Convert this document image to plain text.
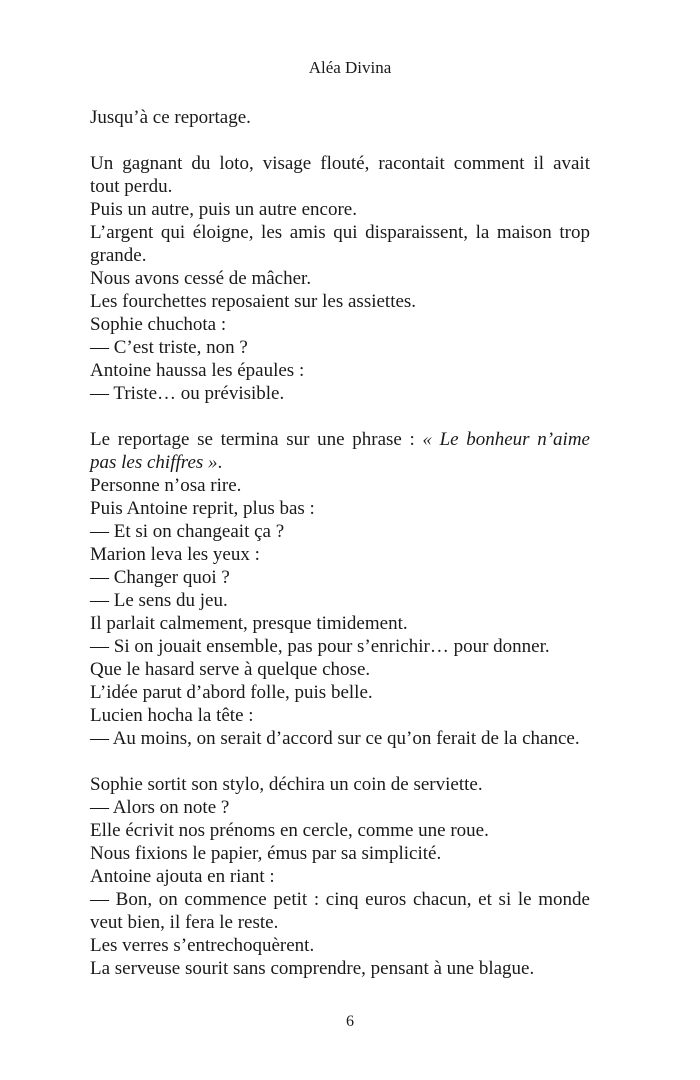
Aléa Divina
Jusqu’à ce reportage.
Un gagnant du loto, visage flouté, racontait comment il avait
tout perdu.
Puis un autre, puis un autre encore.
L’argent qui éloigne, les amis qui disparaissent, la maison trop
grande.
Nous avons cessé de mâcher.
Les fourchettes reposaient sur les assiettes.
Sophie chuchota :
— C’est triste, non ?
Antoine haussa les épaules :
— Triste… ou prévisible.
Le reportage se termina sur une phrase : « Le bonheur n’aime
pas les chiffres ».
Personne n’osa rire.
Puis Antoine reprit, plus bas :
— Et si on changeait ça ?
Marion leva les yeux :
— Changer quoi ?
— Le sens du jeu.
Il parlait calmement, presque timidement.
— Si on jouait ensemble, pas pour s’enrichir… pour donner.
Que le hasard serve à quelque chose.
L’idée parut d’abord folle, puis belle.
Lucien hocha la tête :
— Au moins, on serait d’accord sur ce qu’on ferait de la chance.
Sophie sortit son stylo, déchira un coin de serviette.
— Alors on note ?
Elle écrivit nos prénoms en cercle, comme une roue.
Nous fixions le papier, émus par sa simplicité.
Antoine ajouta en riant :
— Bon, on commence petit : cinq euros chacun, et si le monde
veut bien, il fera le reste.
Les verres s’entrechoquèrent.
La serveuse sourit sans comprendre, pensant à une blague.
6
